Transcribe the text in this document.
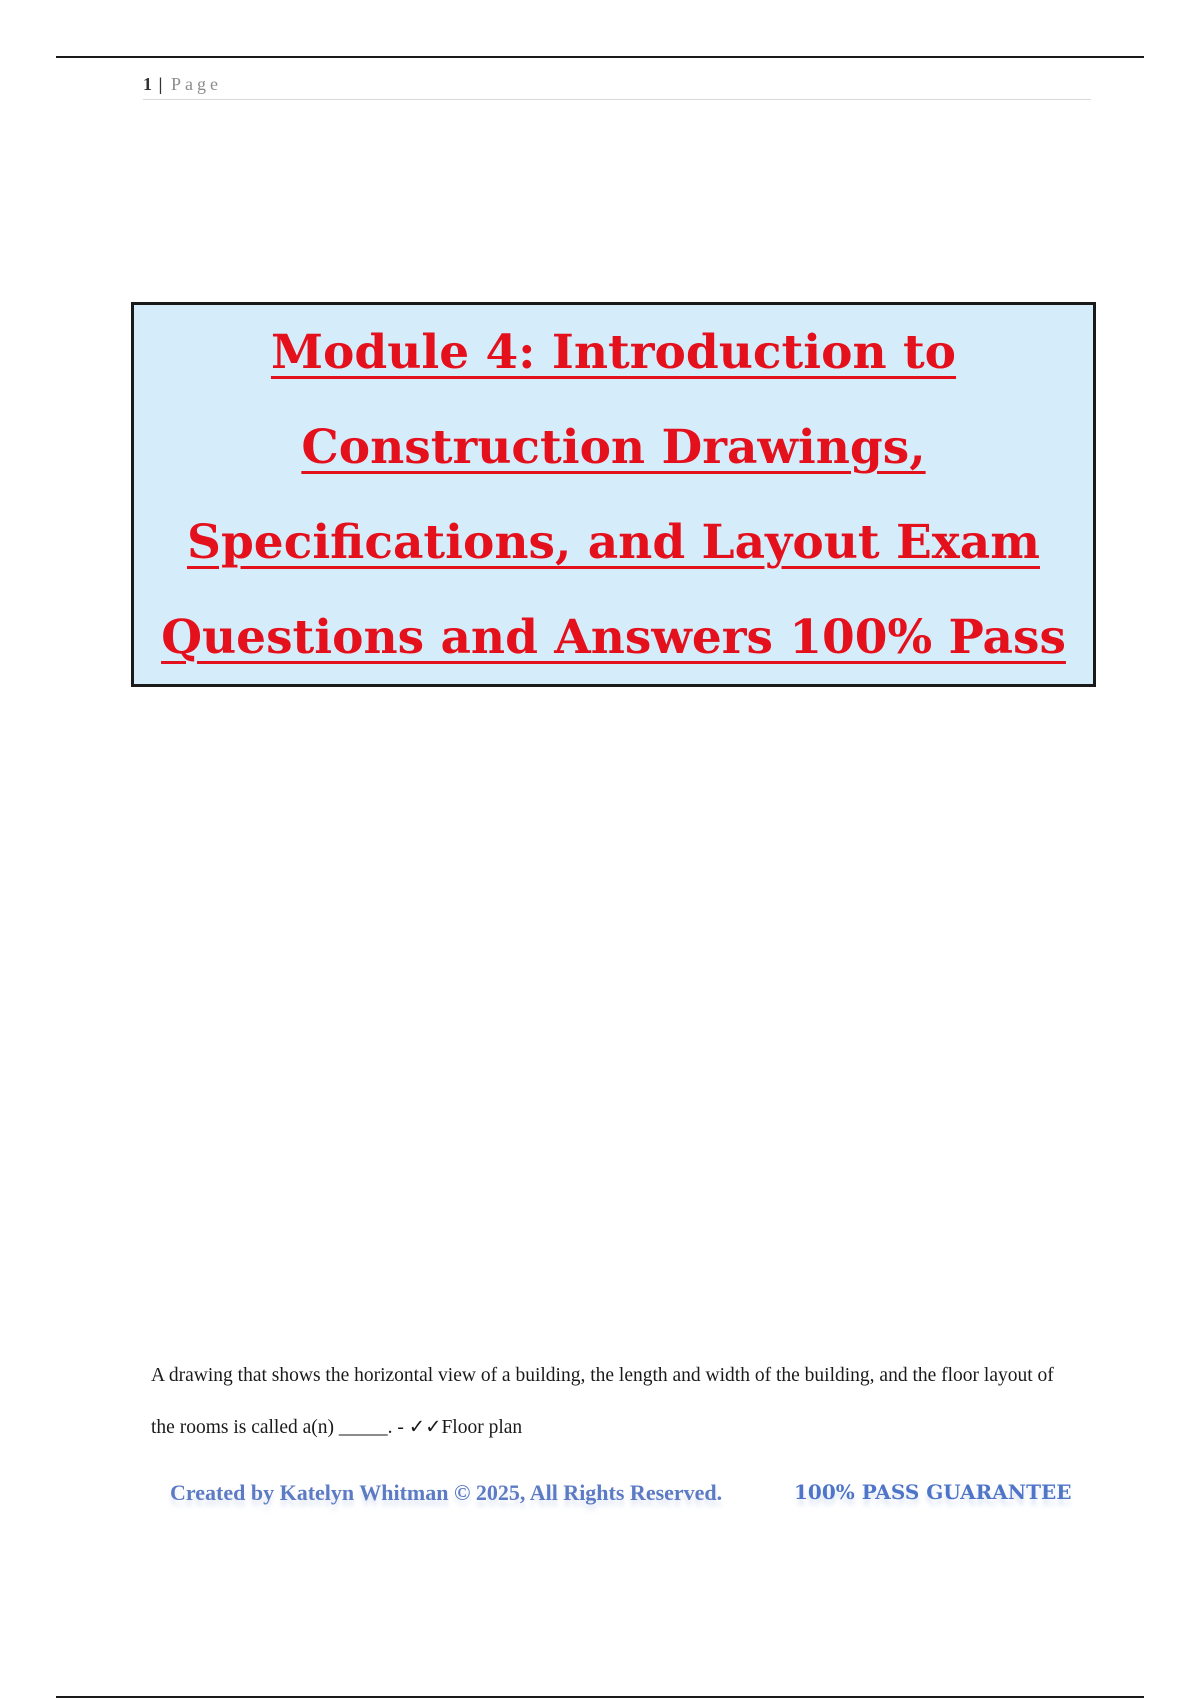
1 | Page
Module 4: Introduction to Construction Drawings, Specifications, and Layout Exam Questions and Answers 100% Pass
A drawing that shows the horizontal view of a building, the length and width of the building, and the floor layout of the rooms is called a(n) _____. - ✓✓Floor plan
Created by Katelyn Whitman © 2025, All Rights Reserved.	100% PASS GUARANTEE
